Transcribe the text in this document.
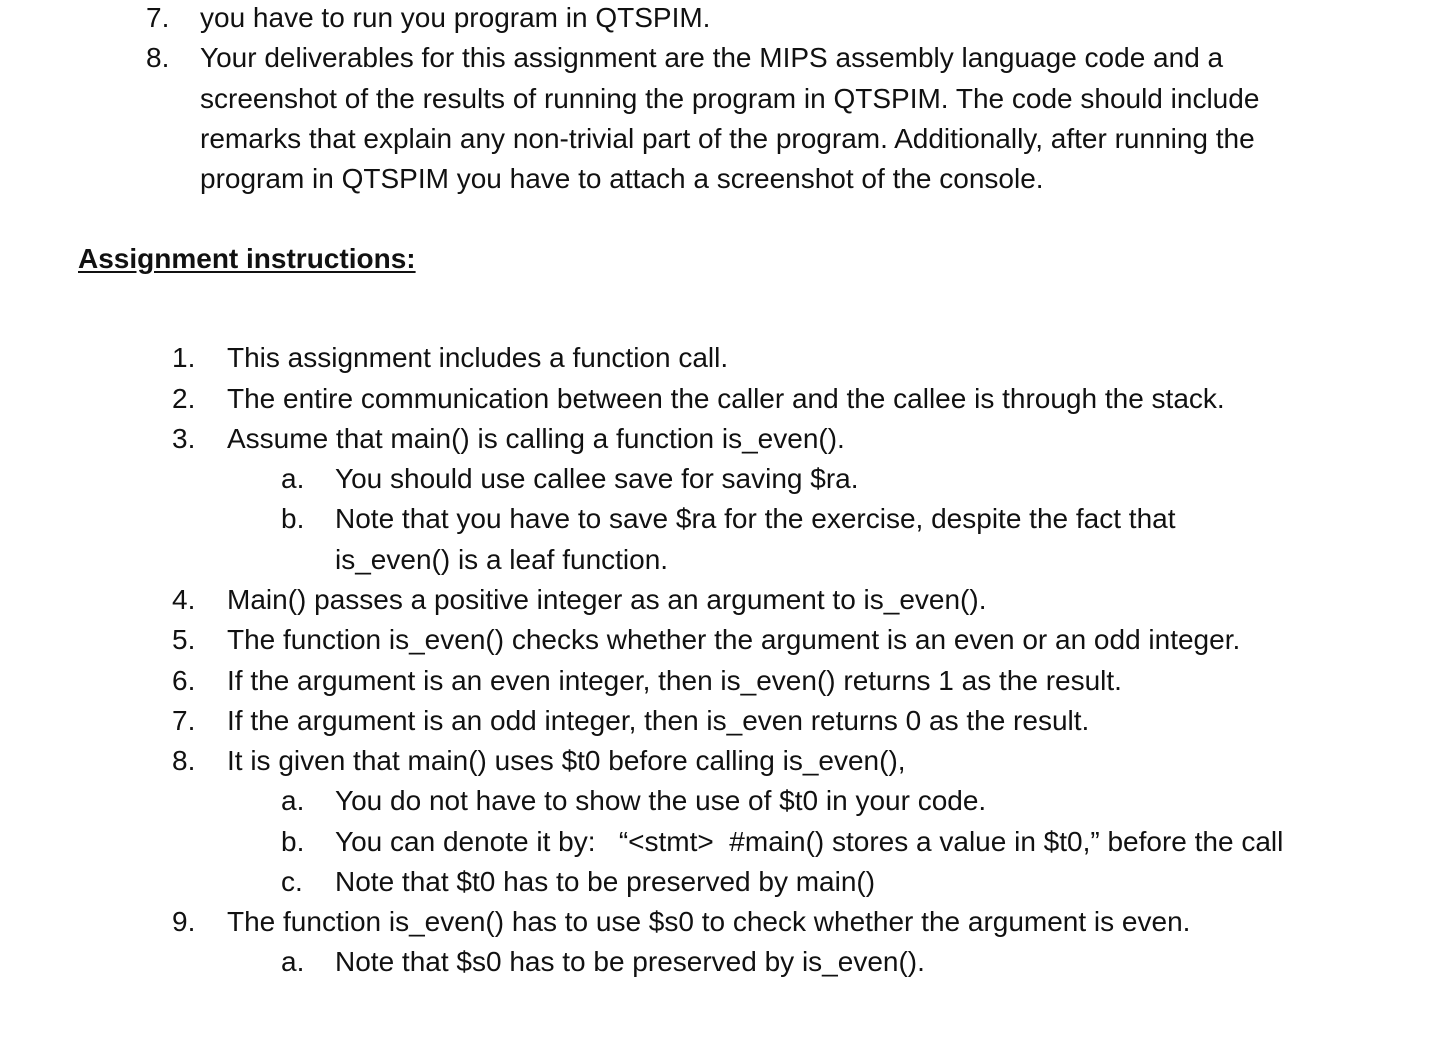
7. you have to run you program in QTSPIM.
8. Your deliverables for this assignment are the MIPS assembly language code and a
screenshot of the results of running the program in QTSPIM. The code should include
remarks that explain any non-trivial part of the program. Additionally, after running the
program in QTSPIM you have to attach a screenshot of the console.
Assignment instructions:
1. This assignment includes a function call.
2. The entire communication between the caller and the callee is through the stack.
3. Assume that main() is calling a function is_even().
a. You should use callee save for saving $ra.
b. Note that you have to save $ra for the exercise, despite the fact that
is_even() is a leaf function.
4. Main() passes a positive integer as an argument to is_even().
5. The function is_even() checks whether the argument is an even or an odd integer.
6. If the argument is an even integer, then is_even() returns 1 as the result.
7. If the argument is an odd integer, then is_even returns 0 as the result.
8. It is given that main() uses $t0 before calling is_even(),
a. You do not have to show the use of $t0 in your code.
b. You can denote it by:   “<stmt>  #main() stores a value in $t0,” before the call
c. Note that $t0 has to be preserved by main()
9. The function is_even() has to use $s0 to check whether the argument is even.
a. Note that $s0 has to be preserved by is_even().
